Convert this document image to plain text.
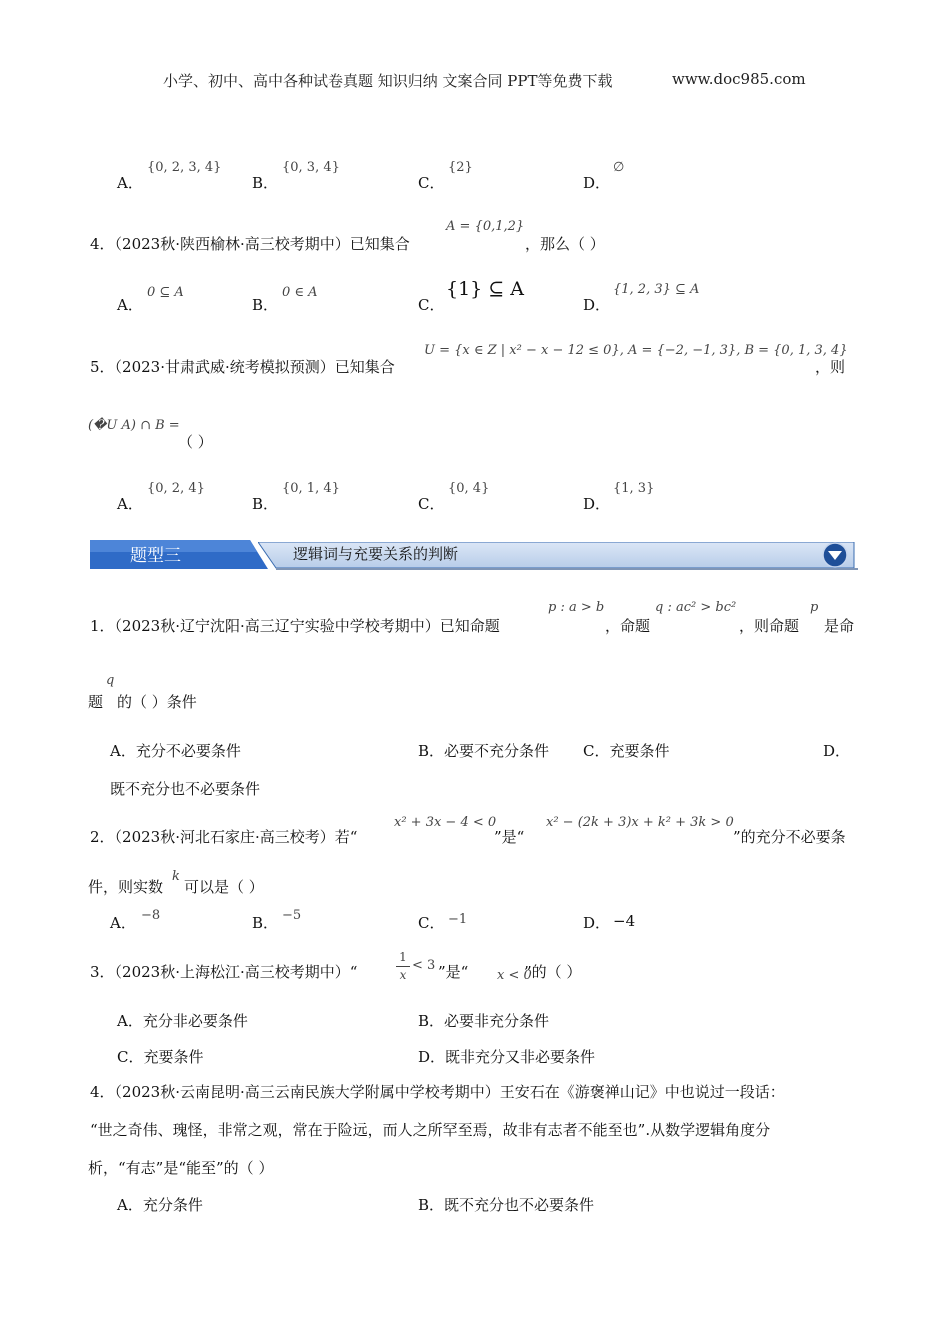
小学、初中、高中各种试卷真题 知识归纳 文案合同 PPT等免费下载	www.doc985.com
A．
{0, 2, 3, 4}
B．
{0, 3, 4}
C．
{2}
D．
∅
4．（2023秋·陕西榆林·高三校考期中）已知集合
A = {0,1,2}
，那么（ ）
A．
0 ⊆ A
B．
0 ∈ A
C．
{1} ⊆ A
D．
{1, 2, 3} ⊆ A
5．（2023·甘肃武威·统考模拟预测）已知集合
U = {x ∈ Z | x² − x − 12 ≤ 0}, A = {−2, −1, 3}, B = {0, 1, 3, 4}
，则
(�U A) ∩ B =
（ ）
A．
{0, 2, 4}
B．
{0, 1, 4}
C．
{0, 4}
D．
{1, 3}
题型三	逻辑词与充要关系的判断
1．（2023秋·辽宁沈阳·高三辽宁实验中学校考期中）已知命题
p : a > b
，命题
q : ac² > bc²
，则命题
p
是命
题
q
的（ ）条件
A．充分不必要条件	B．必要不充分条件 C．充要条件	D．
既不充分也不必要条件
2．（2023秋·河北石家庄·高三校考）若“
x² + 3x − 4 < 0
”是“
x² − (2k + 3)x + k² + 3k > 0
”的充分不必要条
件，则实数
k
可以是（ ）
A． −8	B． −5	C． −1	D． −4
3．（2023秋·上海松江·高三校考期中）“
1
x
< 3 ”是“ x < 0
”的（ ）
A．充分非必要条件	B．必要非充分条件
C．充要条件	D．既非充分又非必要条件
4．（2023秋·云南昆明·高三云南民族大学附属中学校考期中）王安石在《游褒禅山记》中也说过一段话：
“世之奇伟、瑰怪，非常之观，常在于险远，而人之所罕至焉，故非有志者不能至也”.从数学逻辑角度分
析，“有志”是“能至”的（ ）
A．充分条件	B．既不充分也不必要条件
